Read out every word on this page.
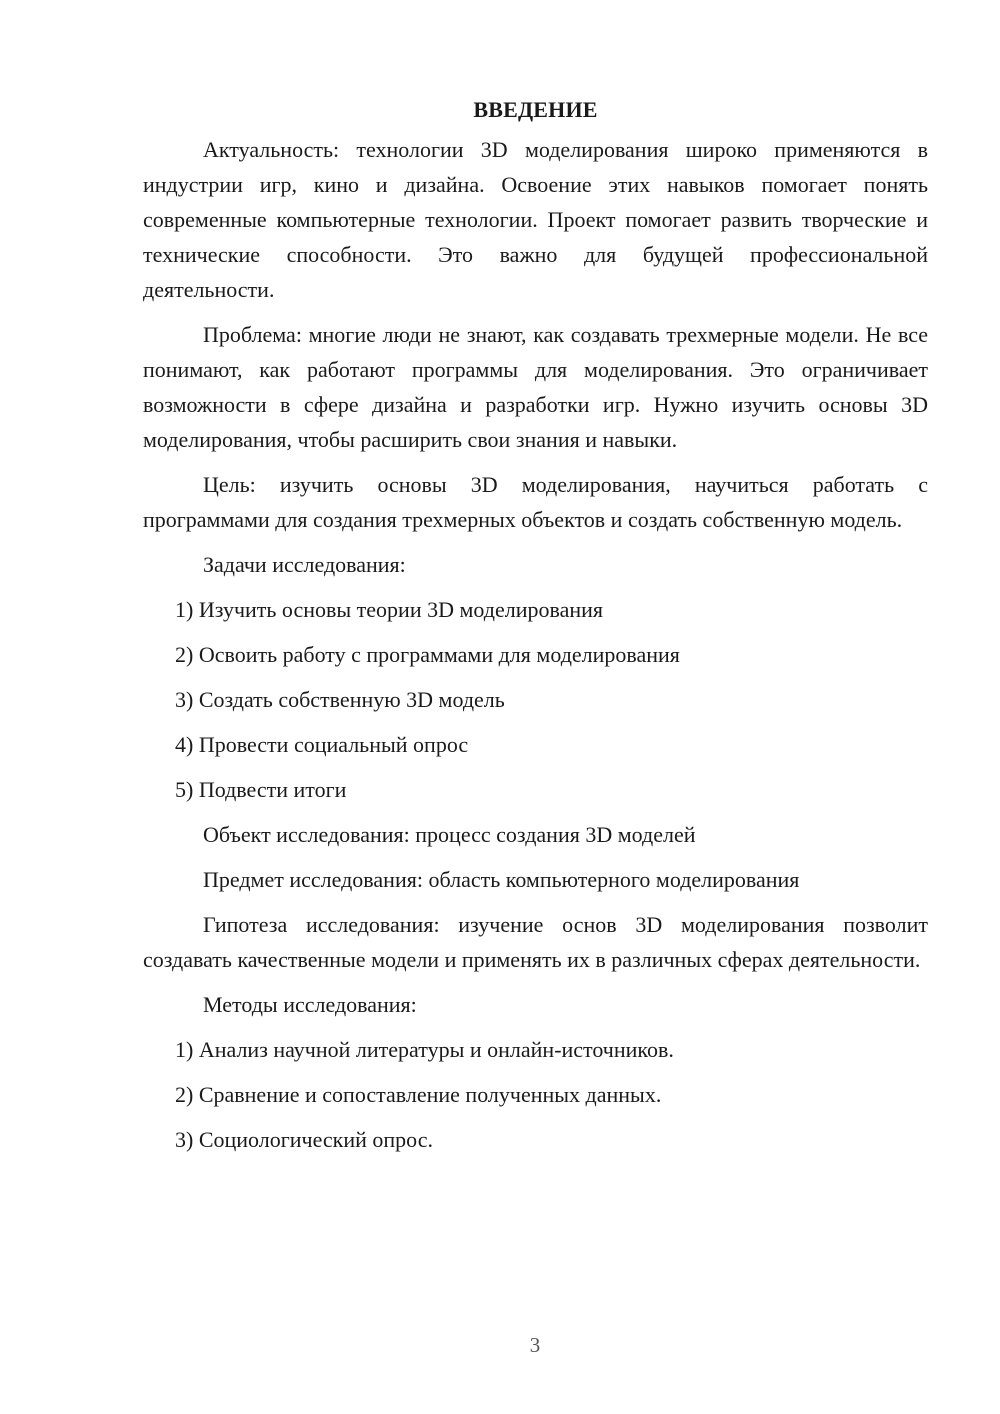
ВВЕДЕНИЕ

Актуальность: технологии 3D моделирования широко применяются в индустрии игр, кино и дизайна. Освоение этих навыков помогает понять современные компьютерные технологии. Проект помогает развить творческие и технические способности. Это важно для будущей профессиональной деятельности.

Проблема: многие люди не знают, как создавать трехмерные модели. Не все понимают, как работают программы для моделирования. Это ограничивает возможности в сфере дизайна и разработки игр. Нужно изучить основы 3D моделирования, чтобы расширить свои знания и навыки.

Цель: изучить основы 3D моделирования, научиться работать с программами для создания трехмерных объектов и создать собственную модель.

Задачи исследования:

1) Изучить основы теории 3D моделирования

2) Освоить работу с программами для моделирования

3) Создать собственную 3D модель

4) Провести социальный опрос

5) Подвести итоги

Объект исследования: процесс создания 3D моделей

Предмет исследования: область компьютерного моделирования

Гипотеза исследования: изучение основ 3D моделирования позволит создавать качественные модели и применять их в различных сферах деятельности.

Методы исследования:

1) Анализ научной литературы и онлайн-источников.

2) Сравнение и сопоставление полученных данных.

3) Социологический опрос.

3
